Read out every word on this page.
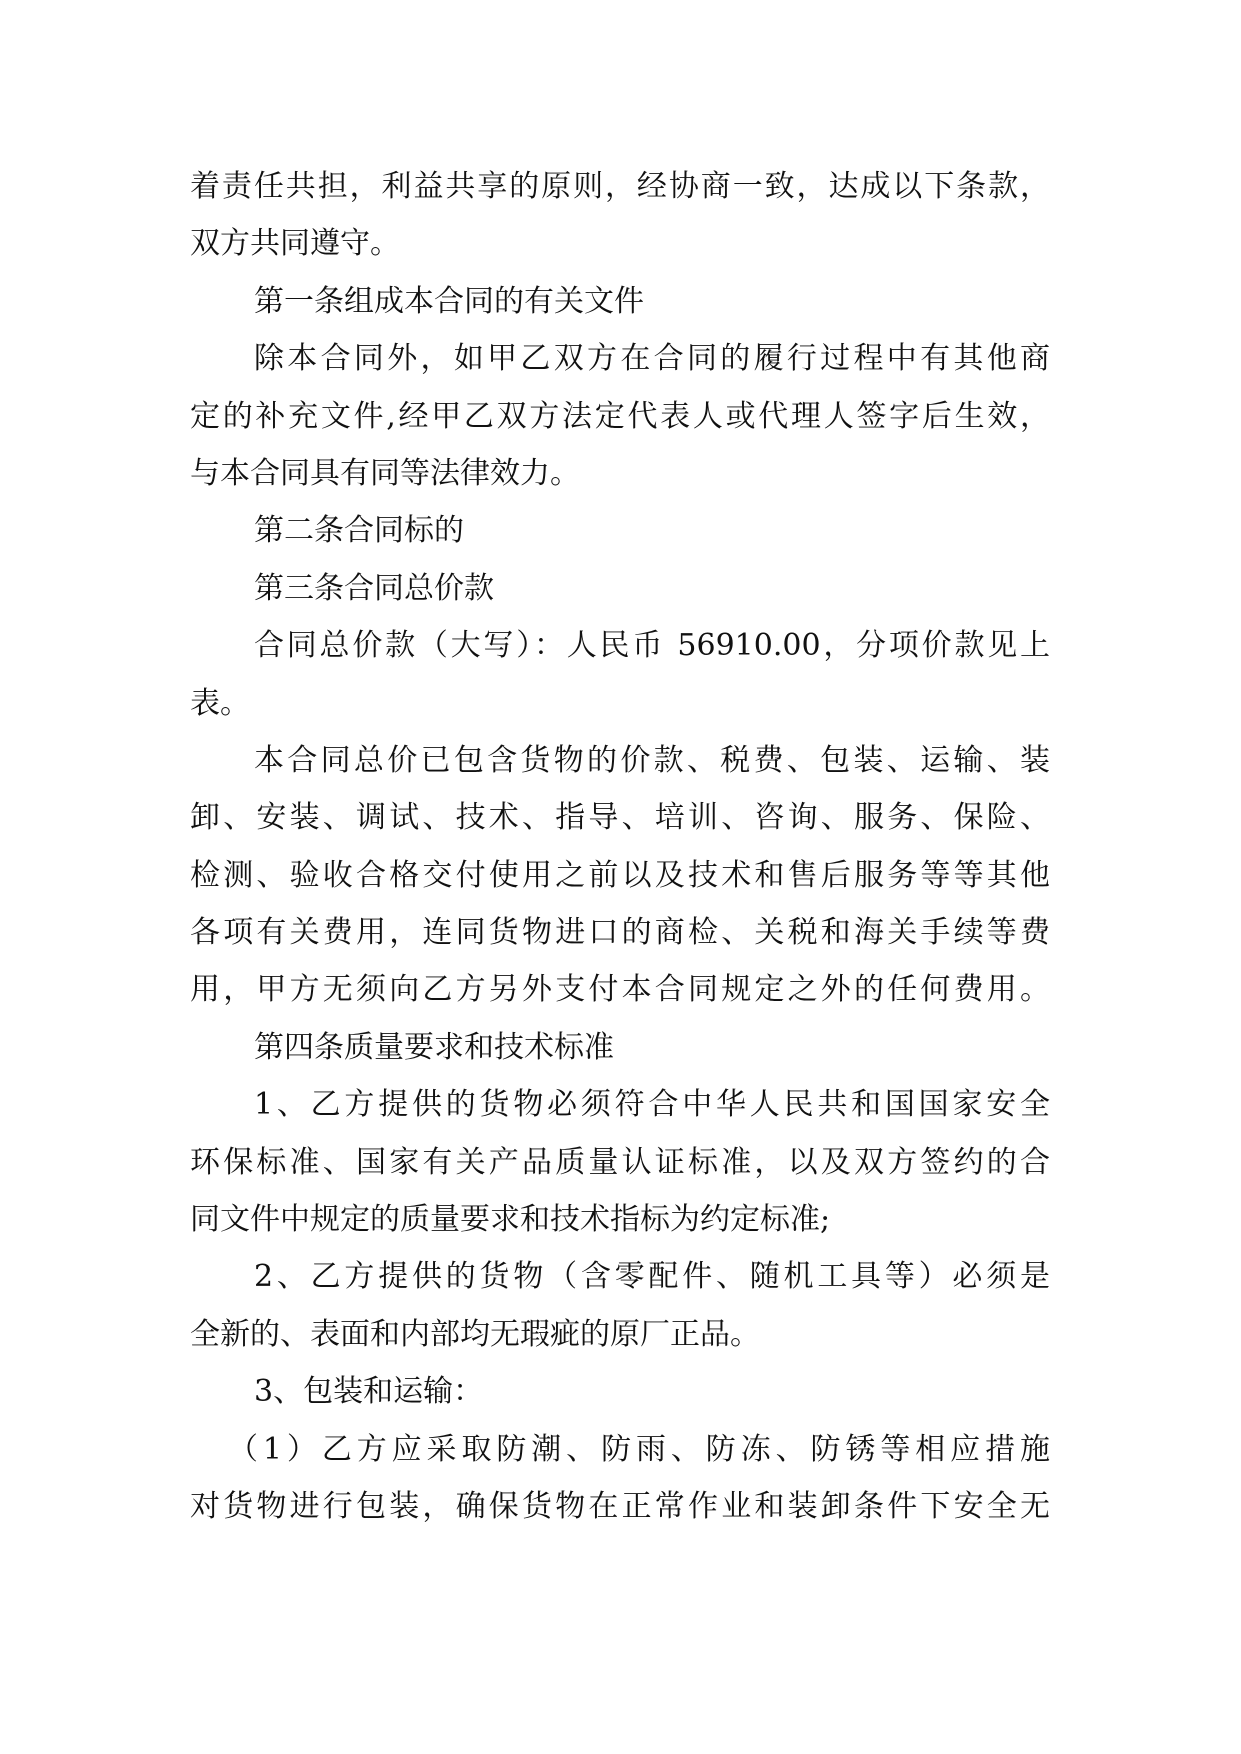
着责任共担，利益共享的原则，经协商一致，达成以下条款，
双方共同遵守。
第一条组成本合同的有关文件
除本合同外，如甲乙双方在合同的履行过程中有其他商
定的补充文件,经甲乙双方法定代表人或代理人签字后生效，
与本合同具有同等法律效力。
第二条合同标的
第三条合同总价款
合同总价款（大写）：人民币 56910.00，分项价款见上
表。
本合同总价已包含货物的价款、税费、包装、运输、装
卸、安装、调试、技术、指导、培训、咨询、服务、保险、
检测、验收合格交付使用之前以及技术和售后服务等等其他
各项有关费用，连同货物进口的商检、关税和海关手续等费
用，甲方无须向乙方另外支付本合同规定之外的任何费用。
第四条质量要求和技术标准
1、乙方提供的货物必须符合中华人民共和国国家安全
环保标准、国家有关产品质量认证标准，以及双方签约的合
同文件中规定的质量要求和技术指标为约定标准;
2、乙方提供的货物（含零配件、随机工具等）必须是
全新的、表面和内部均无瑕疵的原厂正品。
3、包装和运输：
（1）乙方应采取防潮、防雨、防冻、防锈等相应措施
对货物进行包装，确保货物在正常作业和装卸条件下安全无
